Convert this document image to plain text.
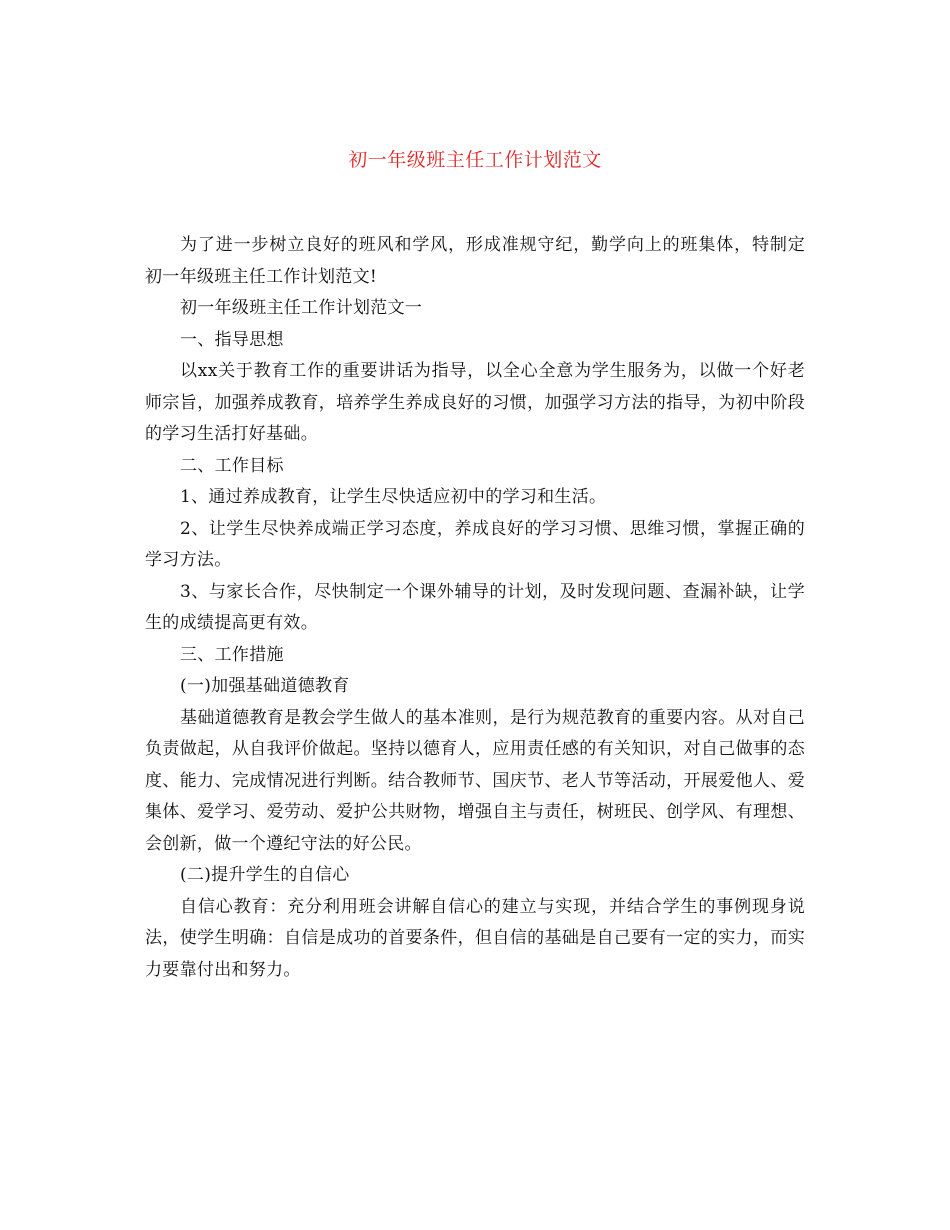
初一年级班主任工作计划范文

为了进一步树立良好的班风和学风，形成准规守纪，勤学向上的班集体，特制定　初一年级班主任工作计划范文!

初一年级班主任工作计划范文一

一、指导思想

以xx关于教育工作的重要讲话为指导，以全心全意为学生服务为，以做一个好老师宗旨，加强养成教育，培养学生养成良好的习惯，加强学习方法的指导，为初中阶段的学习生活打好基础。

二、工作目标

1、通过养成教育，让学生尽快适应初中的学习和生活。

2、让学生尽快养成端正学习态度，养成良好的学习习惯、思维习惯，掌握正确的学习方法。

3、与家长合作，尽快制定一个课外辅导的计划，及时发现问题、查漏补缺，让学生的成绩提高更有效。

三、工作措施

(一)加强基础道德教育

基础道德教育是教会学生做人的基本准则，是行为规范教育的重要内容。从对自己负责做起，从自我评价做起。坚持以德育人，应用责任感的有关知识，对自己做事的态度、能力、完成情况进行判断。结合教师节、国庆节、老人节等活动，开展爱他人、爱集体、爱学习、爱劳动、爱护公共财物，增强自主与责任，树班民、创学风、有理想、会创新，做一个遵纪守法的好公民。

(二)提升学生的自信心

自信心教育：充分利用班会讲解自信心的建立与实现，并结合学生的事例现身说法，使学生明确：自信是成功的首要条件，但自信的基础是自己要有一定的实力，而实力要靠付出和努力。
